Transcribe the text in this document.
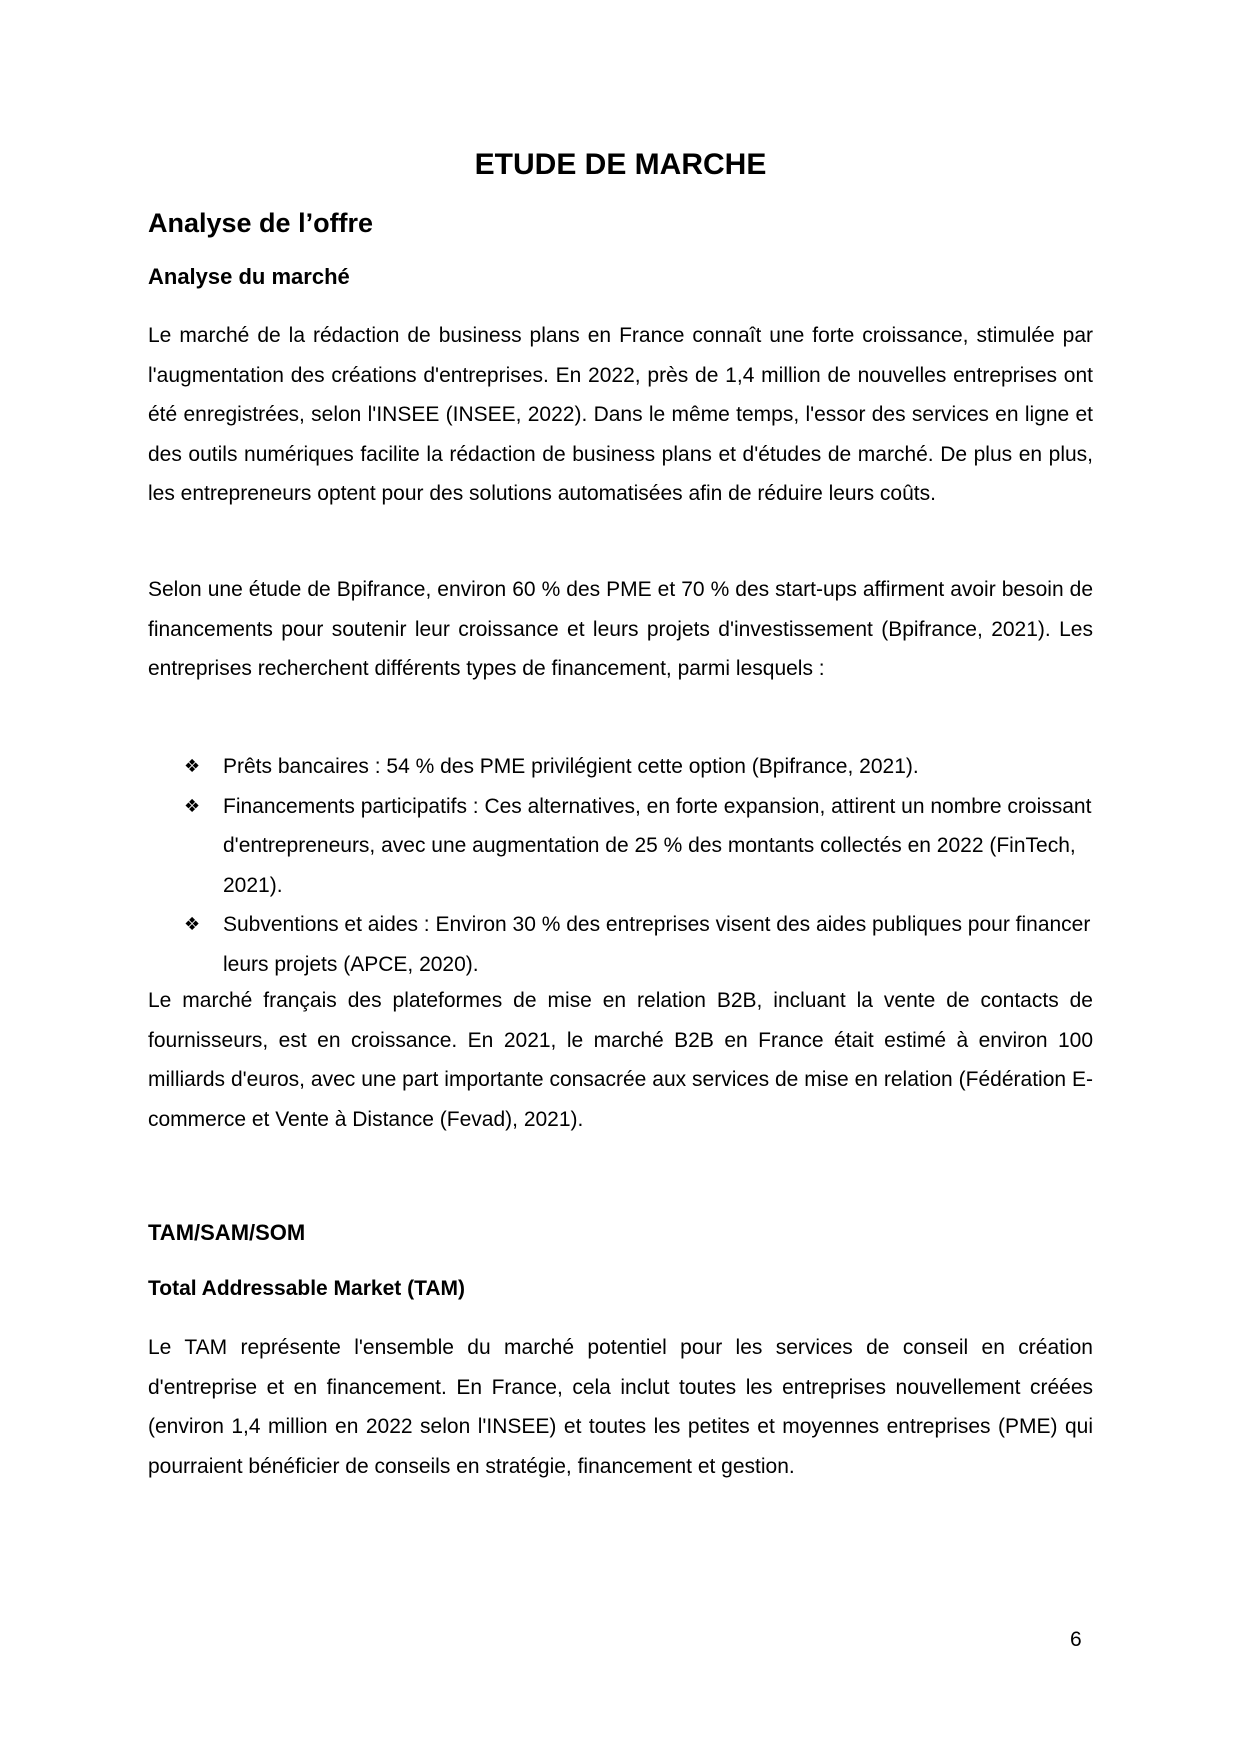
ETUDE DE MARCHE
Analyse de l’offre
Analyse du marché

Le marché de la rédaction de business plans en France connaît une forte croissance, stimulée par l'augmentation des créations d'entreprises. En 2022, près de 1,4 million de nouvelles entreprises ont été enregistrées, selon l'INSEE (INSEE, 2022). Dans le même temps, l'essor des services en ligne et des outils numériques facilite la rédaction de business plans et d'études de marché. De plus en plus, les entrepreneurs optent pour des solutions automatisées afin de réduire leurs coûts.

Selon une étude de Bpifrance, environ 60 % des PME et 70 % des start-ups affirment avoir besoin de financements pour soutenir leur croissance et leurs projets d'investissement (Bpifrance, 2021). Les entreprises recherchent différents types de financement, parmi lesquels :

❖ Prêts bancaires : 54 % des PME privilégient cette option (Bpifrance, 2021).
❖ Financements participatifs : Ces alternatives, en forte expansion, attirent un nombre croissant d'entrepreneurs, avec une augmentation de 25 % des montants collectés en 2022 (FinTech, 2021).
❖ Subventions et aides : Environ 30 % des entreprises visent des aides publiques pour financer leurs projets (APCE, 2020).

Le marché français des plateformes de mise en relation B2B, incluant la vente de contacts de fournisseurs, est en croissance. En 2021, le marché B2B en France était estimé à environ 100 milliards d'euros, avec une part importante consacrée aux services de mise en relation (Fédération E-commerce et Vente à Distance (Fevad), 2021).

TAM/SAM/SOM
Total Addressable Market (TAM)

Le TAM représente l'ensemble du marché potentiel pour les services de conseil en création d'entreprise et en financement. En France, cela inclut toutes les entreprises nouvellement créées (environ 1,4 million en 2022 selon l'INSEE) et toutes les petites et moyennes entreprises (PME) qui pourraient bénéficier de conseils en stratégie, financement et gestion.

6
